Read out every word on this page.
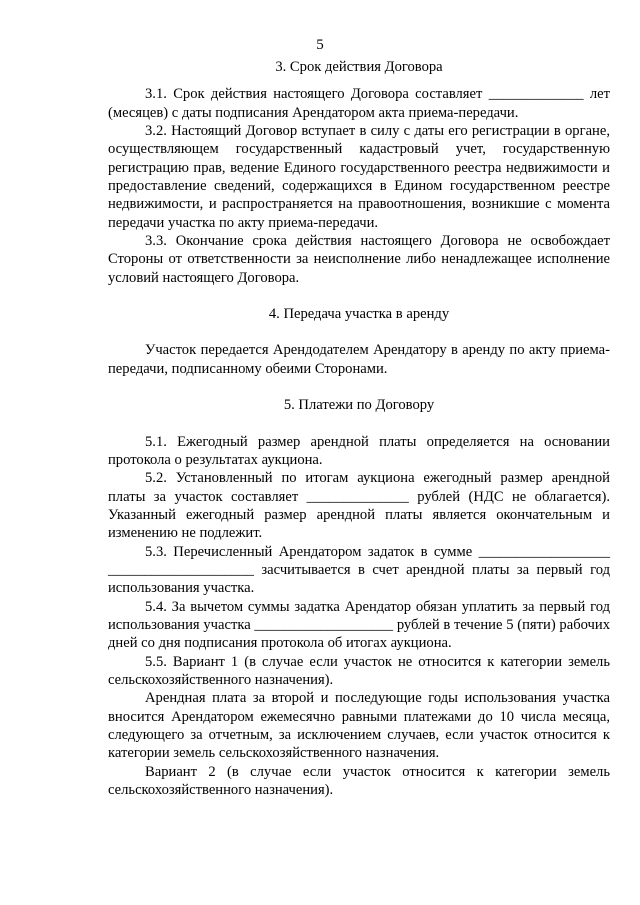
5

3. Срок действия Договора

3.1. Срок действия настоящего Договора составляет _____________ лет (месяцев) с даты подписания Арендатором акта приема-передачи.

3.2. Настоящий Договор вступает в силу с даты его регистрации в органе, осуществляющем государственный кадастровый учет, государственную регистрацию прав, ведение Единого государственного реестра недвижимости и предоставление сведений, содержащихся в Едином государственном реестре недвижимости, и распространяется на правоотношения, возникшие с момента передачи участка по акту приема-передачи.

3.3. Окончание срока действия настоящего Договора не освобождает Стороны от ответственности за неисполнение либо ненадлежащее исполнение условий настоящего Договора.

4. Передача участка в аренду

Участок передается Арендодателем Арендатору в аренду по акту приема-передачи, подписанному обеими Сторонами.

5. Платежи по Договору

5.1. Ежегодный размер арендной платы определяется на основании протокола о результатах аукциона.

5.2. Установленный по итогам аукциона ежегодный размер арендной платы за участок составляет ______________ рублей (НДС не облагается). Указанный ежегодный размер арендной платы является окончательным и изменению не подлежит.

5.3. Перечисленный Арендатором задаток в сумме __________________ ____________________ засчитывается в счет арендной платы за первый год использования участка.

5.4. За вычетом суммы задатка Арендатор обязан уплатить за первый год использования участка ___________________ рублей в течение 5 (пяти) рабочих дней со дня подписания протокола об итогах аукциона.

5.5. Вариант 1 (в случае если участок не относится к категории земель сельскохозяйственного назначения).

Арендная плата за второй и последующие годы использования участка вносится Арендатором ежемесячно равными платежами до 10 числа месяца, следующего за отчетным, за исключением случаев, если участок относится к категории земель сельскохозяйственного назначения.

Вариант 2 (в случае если участок относится к категории земель сельскохозяйственного назначения).
